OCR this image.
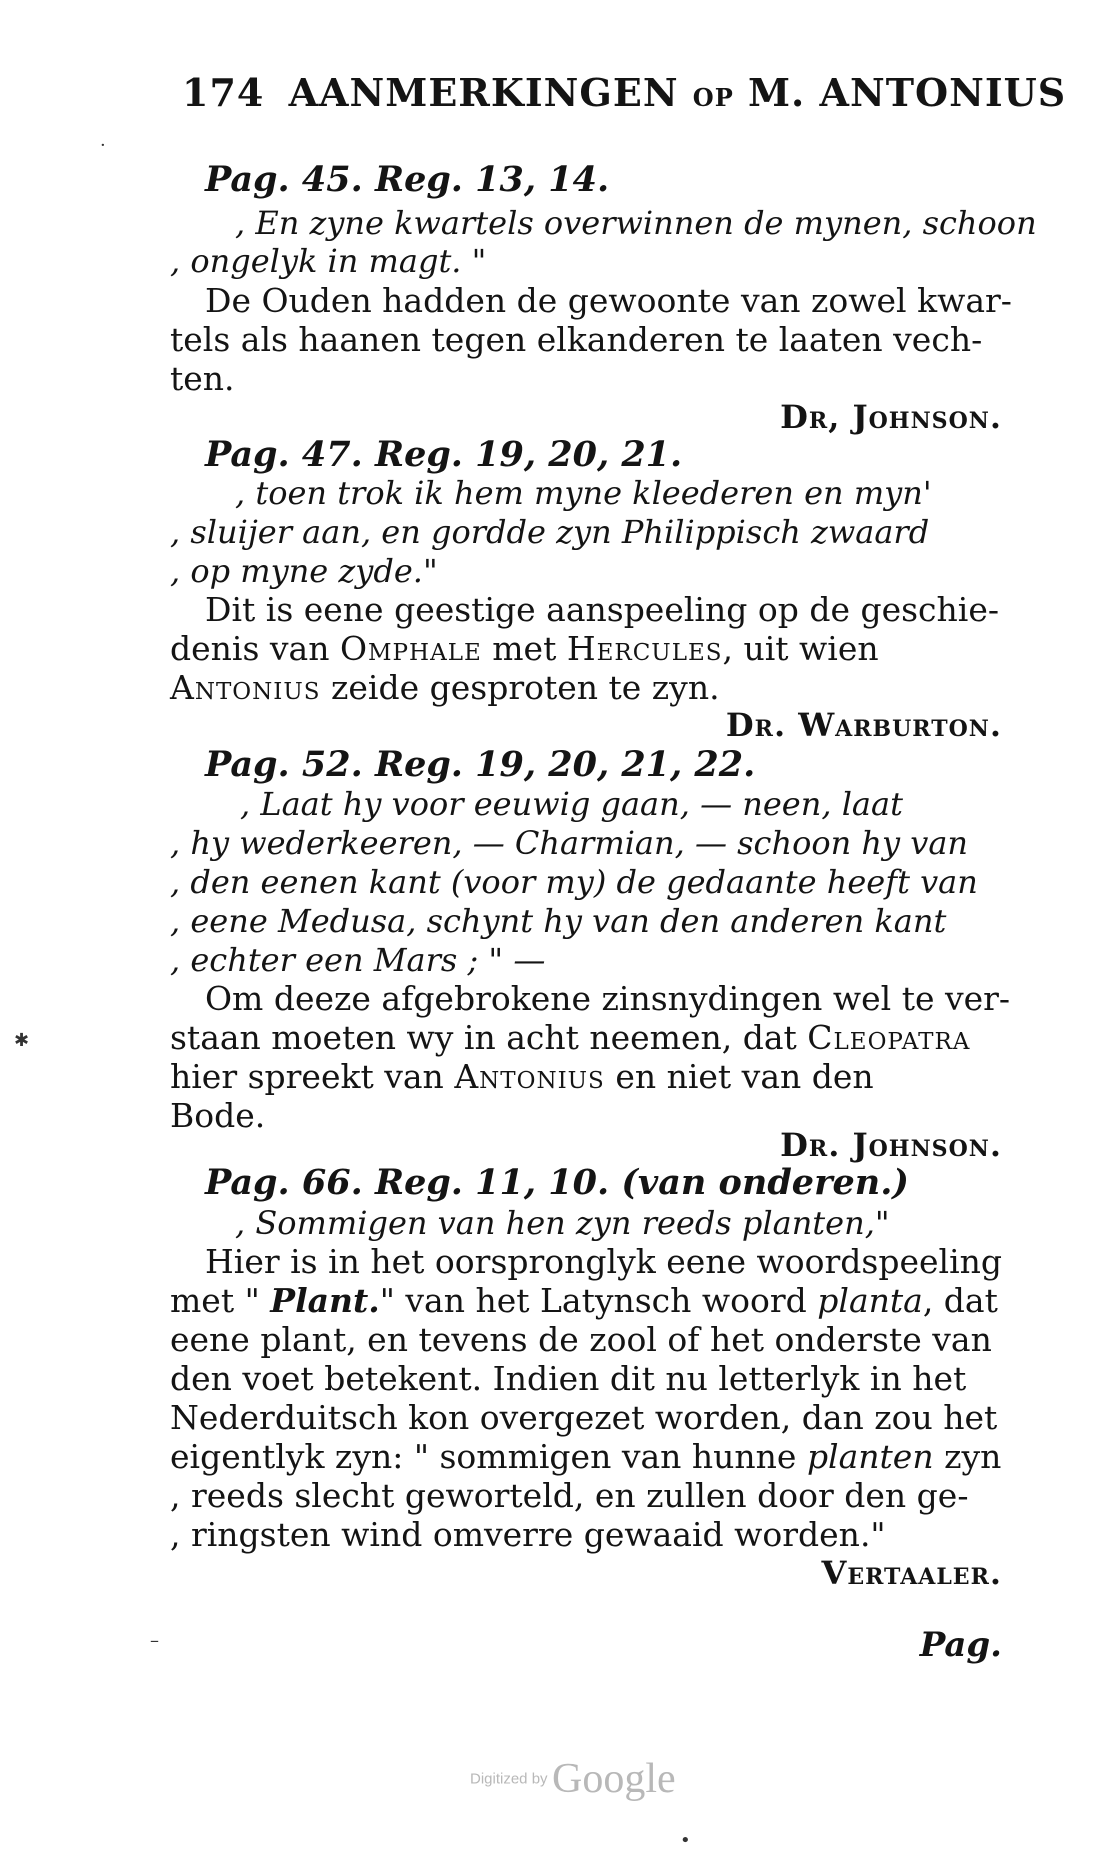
174 AANMERKINGEN OP M. ANTONIUS
Pag. 45. Reg. 13, 14.
, En zyne kwartels overwinnen de mynen, schoon
, ongelyk in magt. "
De Ouden hadden de gewoonte van zowel kwar-
tels als haanen tegen elkanderen te laaten vech-
ten.
Dr, Johnson.
Pag. 47. Reg. 19, 20, 21.
, toen trok ik hem myne kleederen en myn'
, sluijer aan, en gordde zyn Philippisch zwaard
, op myne zyde."
Dit is eene geestige aanspeeling op de geschie-
denis van Omphale met Hercules, uit wien
Antonius zeide gesproten te zyn.
Dr. Warburton.
Pag. 52. Reg. 19, 20, 21, 22.
, Laat hy voor eeuwig gaan, — neen, laat
, hy wederkeeren, — Charmian, — schoon hy van
, den eenen kant (voor my) de gedaante heeft van
, eene Medusa, schynt hy van den anderen kant
, echter een Mars ; " —
Om deeze afgebrokene zinsnydingen wel te ver-
staan moeten wy in acht neemen, dat Cleopatra
hier spreekt van Antonius en niet van den
Bode.
Dr. Johnson.
Pag. 66. Reg. 11, 10. (van onderen.)
, Sommigen van hen zyn reeds planten,"
Hier is in het oorspronglyk eene woordspeeling
met " Plant." van het Latynsch woord planta, dat
eene plant, en tevens de zool of het onderste van
den voet betekent. Indien dit nu letterlyk in het
Nederduitsch kon overgezet worden, dan zou het
eigentlyk zyn: " sommigen van hunne planten zyn
, reeds slecht geworteld, en zullen door den ge-
, ringsten wind omverre gewaaid worden."
Vertaaler.
Pag.
Digitized by Google
✱
·
–
•
